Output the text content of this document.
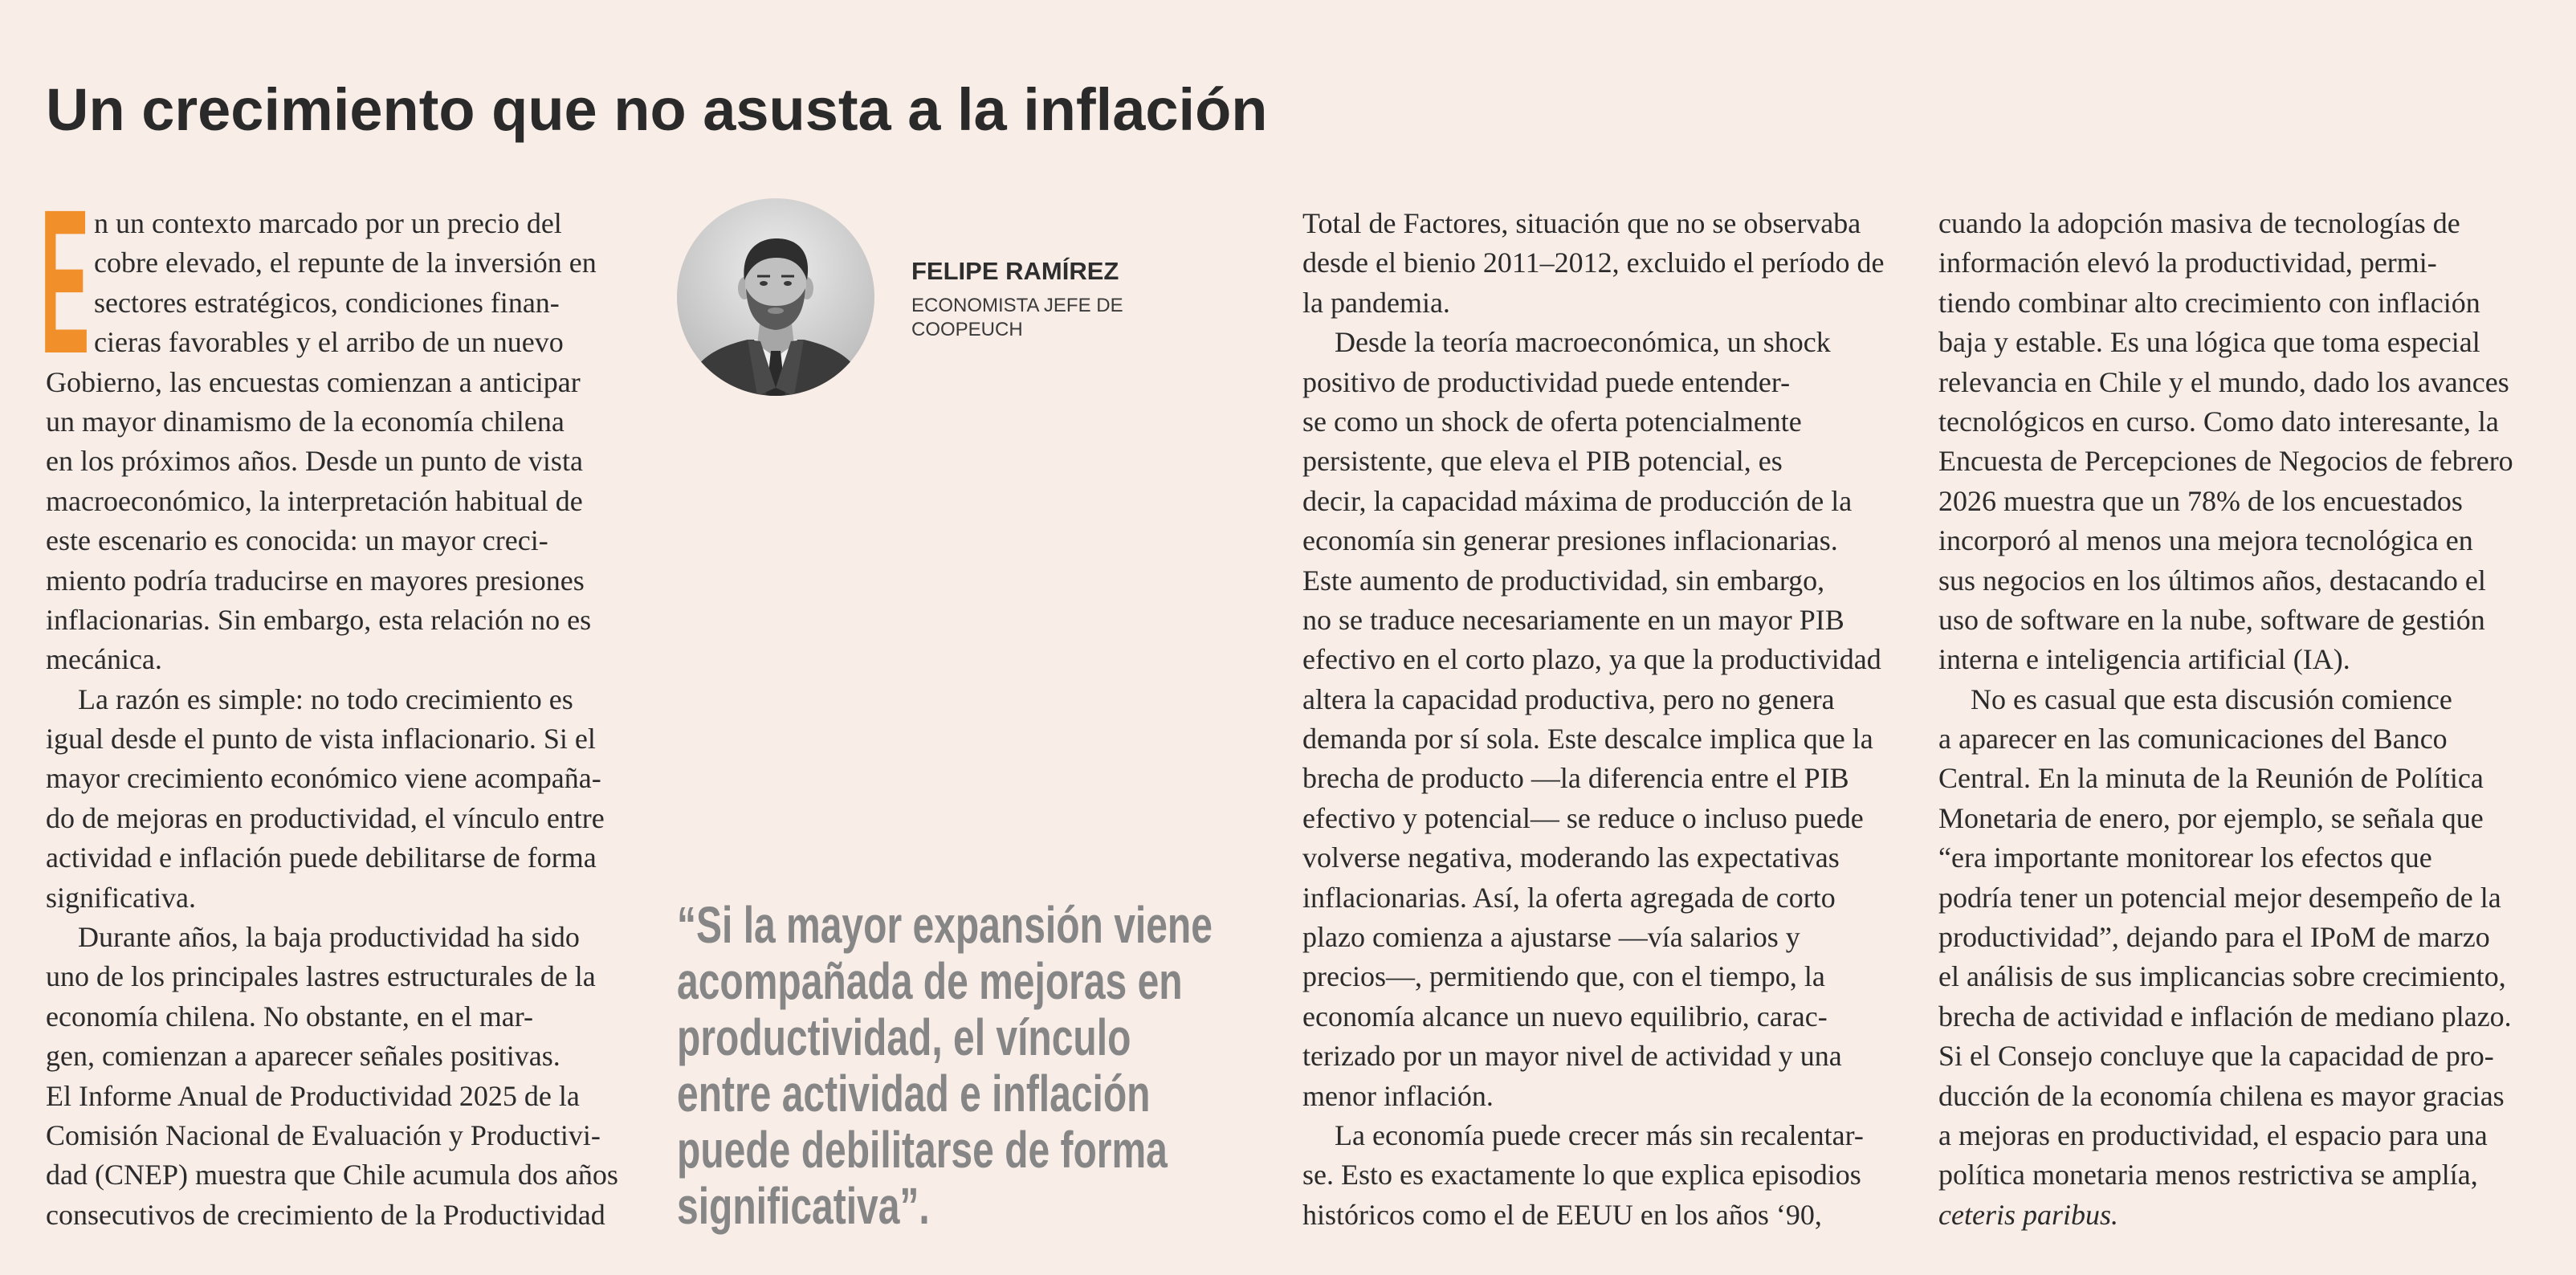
Un crecimiento que no asusta a la inflación
E n un contexto marcado por un precio del
cobre elevado, el repunte de la inversión en
sectores estratégicos, condiciones finan-
cieras favorables y el arribo de un nuevo
Gobierno, las encuestas comienzan a anticipar
un mayor dinamismo de la economía chilena
en los próximos años. Desde un punto de vista
macroeconómico, la interpretación habitual de
este escenario es conocida: un mayor creci-
miento podría traducirse en mayores presiones
inflacionarias. Sin embargo, esta relación no es
mecánica.
La razón es simple: no todo crecimiento es
igual desde el punto de vista inflacionario. Si el
mayor crecimiento económico viene acompaña-
do de mejoras en productividad, el vínculo entre
actividad e inflación puede debilitarse de forma
significativa.
Durante años, la baja productividad ha sido
uno de los principales lastres estructurales de la
economía chilena. No obstante, en el mar-
gen, comienzan a aparecer señales positivas.
El Informe Anual de Productividad 2025 de la
Comisión Nacional de Evaluación y Productivi-
dad (CNEP) muestra que Chile acumula dos años
consecutivos de crecimiento de la Productividad
FELIPE RAMÍREZ
ECONOMISTA JEFE DE
COOPEUCH
“Si la mayor expansión viene
acompañada de mejoras en
productividad, el vínculo
entre actividad e inflación
puede debilitarse de forma
significativa”.
Total de Factores, situación que no se observaba
desde el bienio 2011–2012, excluido el período de
la pandemia.
Desde la teoría macroeconómica, un shock
positivo de productividad puede entender-
se como un shock de oferta potencialmente
persistente, que eleva el PIB potencial, es
decir, la capacidad máxima de producción de la
economía sin generar presiones inflacionarias.
Este aumento de productividad, sin embargo,
no se traduce necesariamente en un mayor PIB
efectivo en el corto plazo, ya que la productividad
altera la capacidad productiva, pero no genera
demanda por sí sola. Este descalce implica que la
brecha de producto —la diferencia entre el PIB
efectivo y potencial— se reduce o incluso puede
volverse negativa, moderando las expectativas
inflacionarias. Así, la oferta agregada de corto
plazo comienza a ajustarse —vía salarios y
precios—, permitiendo que, con el tiempo, la
economía alcance un nuevo equilibrio, carac-
terizado por un mayor nivel de actividad y una
menor inflación.
La economía puede crecer más sin recalentar-
se. Esto es exactamente lo que explica episodios
históricos como el de EEUU en los años ‘90,
cuando la adopción masiva de tecnologías de
información elevó la productividad, permi-
tiendo combinar alto crecimiento con inflación
baja y estable. Es una lógica que toma especial
relevancia en Chile y el mundo, dado los avances
tecnológicos en curso. Como dato interesante, la
Encuesta de Percepciones de Negocios de febrero
2026 muestra que un 78% de los encuestados
incorporó al menos una mejora tecnológica en
sus negocios en los últimos años, destacando el
uso de software en la nube, software de gestión
interna e inteligencia artificial (IA).
No es casual que esta discusión comience
a aparecer en las comunicaciones del Banco
Central. En la minuta de la Reunión de Política
Monetaria de enero, por ejemplo, se señala que
“era importante monitorear los efectos que
podría tener un potencial mejor desempeño de la
productividad”, dejando para el IPoM de marzo
el análisis de sus implicancias sobre crecimiento,
brecha de actividad e inflación de mediano plazo.
Si el Consejo concluye que la capacidad de pro-
ducción de la economía chilena es mayor gracias
a mejoras en productividad, el espacio para una
política monetaria menos restrictiva se amplía,
ceteris paribus.
